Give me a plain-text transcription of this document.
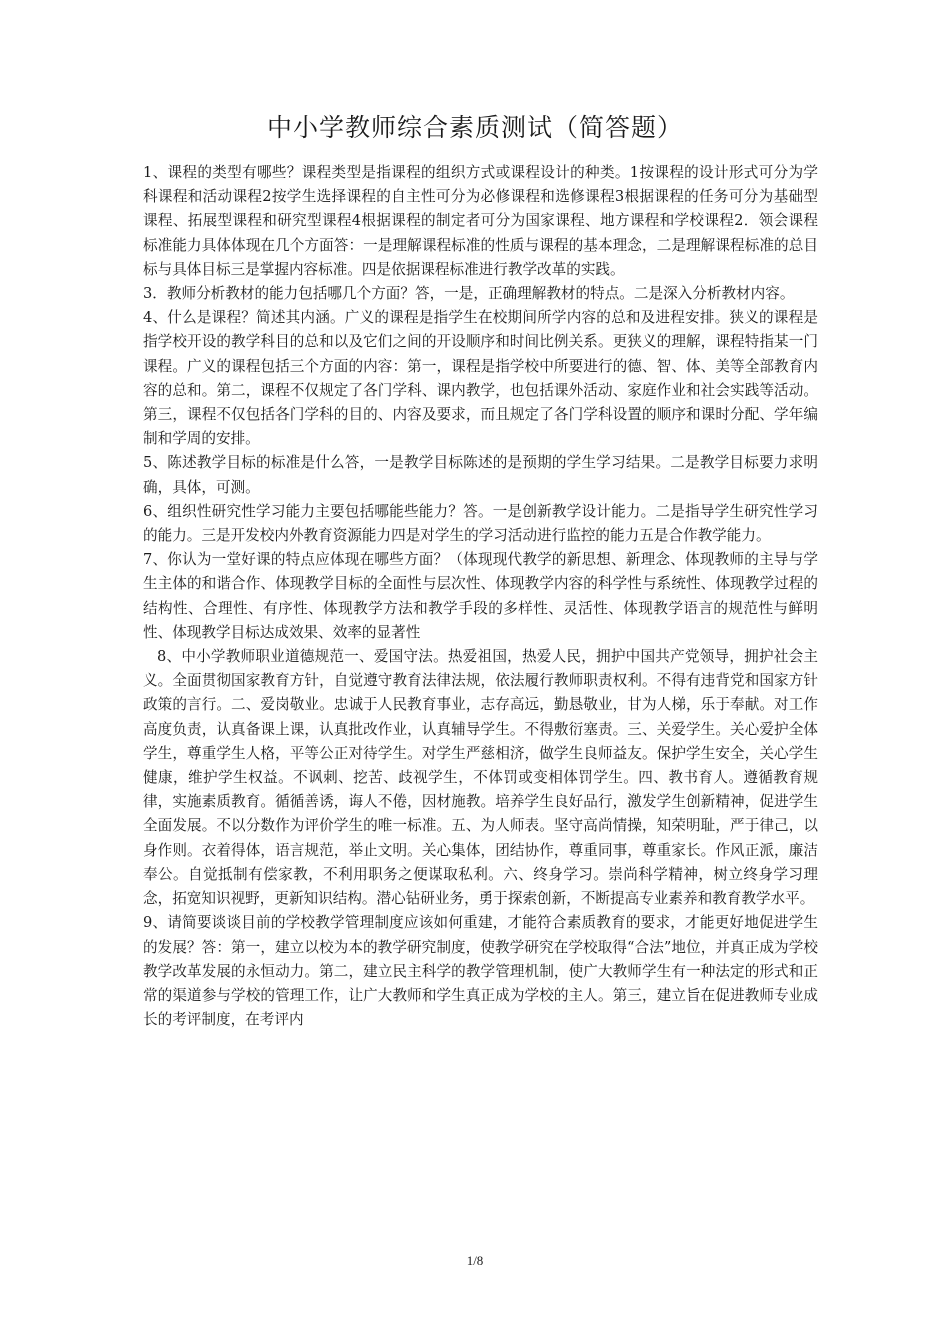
中小学教师综合素质测试（简答题）

1、课程的类型有哪些？课程类型是指课程的组织方式或课程设计的种类。1按课程的设计形式可分为学科课程和活动课程2按学生选择课程的自主性可分为必修课程和选修课程3根据课程的任务可分为基础型课程、拓展型课程和研究型课程4根据课程的制定者可分为国家课程、地方课程和学校课程2．领会课程标准能力具体体现在几个方面答：一是理解课程标准的性质与课程的基本理念，二是理解课程标准的总目标与具体目标三是掌握内容标准。四是依据课程标准进行教学改革的实践。

3．教师分析教材的能力包括哪几个方面？答，一是，正确理解教材的特点。二是深入分析教材内容。

4、什么是课程？简述其内涵。广义的课程是指学生在校期间所学内容的总和及进程安排。狭义的课程是指学校开设的教学科目的总和以及它们之间的开设顺序和时间比例关系。更狭义的理解，课程特指某一门课程。广义的课程包括三个方面的内容：第一，课程是指学校中所要进行的德、智、体、美等全部教育内容的总和。第二，课程不仅规定了各门学科、课内教学，也包括课外活动、家庭作业和社会实践等活动。第三，课程不仅包括各门学科的目的、内容及要求，而且规定了各门学科设置的顺序和课时分配、学年编制和学周的安排。

5、陈述教学目标的标准是什么答，一是教学目标陈述的是预期的学生学习结果。二是教学目标要力求明确，具体，可测。

6、组织性研究性学习能力主要包括哪能些能力？答。一是创新教学设计能力。二是指导学生研究性学习的能力。三是开发校内外教育资源能力四是对学生的学习活动进行监控的能力五是合作教学能力。

7、你认为一堂好课的特点应体现在哪些方面？（体现现代教学的新思想、新理念、体现教师的主导与学生主体的和谐合作、体现教学目标的全面性与层次性、体现教学内容的科学性与系统性、体现教学过程的结构性、合理性、有序性、体现教学方法和教学手段的多样性、灵活性、体现教学语言的规范性与鲜明性、体现教学目标达成效果、效率的显著性

8、中小学教师职业道德规范一、爱国守法。热爱祖国，热爱人民，拥护中国共产党领导，拥护社会主义。全面贯彻国家教育方针，自觉遵守教育法律法规，依法履行教师职责权利。不得有违背党和国家方针政策的言行。二、爱岗敬业。忠诚于人民教育事业，志存高远，勤恳敬业，甘为人梯，乐于奉献。对工作高度负责，认真备课上课，认真批改作业，认真辅导学生。不得敷衍塞责。三、关爱学生。关心爱护全体学生，尊重学生人格，平等公正对待学生。对学生严慈相济，做学生良师益友。保护学生安全，关心学生健康，维护学生权益。不讽刺、挖苦、歧视学生，不体罚或变相体罚学生。四、教书育人。遵循教育规律，实施素质教育。循循善诱，诲人不倦，因材施教。培养学生良好品行，激发学生创新精神，促进学生全面发展。不以分数作为评价学生的唯一标准。五、为人师表。坚守高尚情操，知荣明耻，严于律己，以身作则。衣着得体，语言规范，举止文明。关心集体，团结协作，尊重同事，尊重家长。作风正派，廉洁奉公。自觉抵制有偿家教，不利用职务之便谋取私利。六、终身学习。崇尚科学精神，树立终身学习理念，拓宽知识视野，更新知识结构。潜心钻研业务，勇于探索创新，不断提高专业素养和教育教学水平。

9、请简要谈谈目前的学校教学管理制度应该如何重建，才能符合素质教育的要求，才能更好地促进学生的发展？答：第一，建立以校为本的教学研究制度，使教学研究在学校取得“合法”地位，并真正成为学校教学改革发展的永恒动力。第二，建立民主科学的教学管理机制，使广大教师学生有一种法定的形式和正常的渠道参与学校的管理工作，让广大教师和学生真正成为学校的主人。第三，建立旨在促进教师专业成长的考评制度，在考评内

1/8
